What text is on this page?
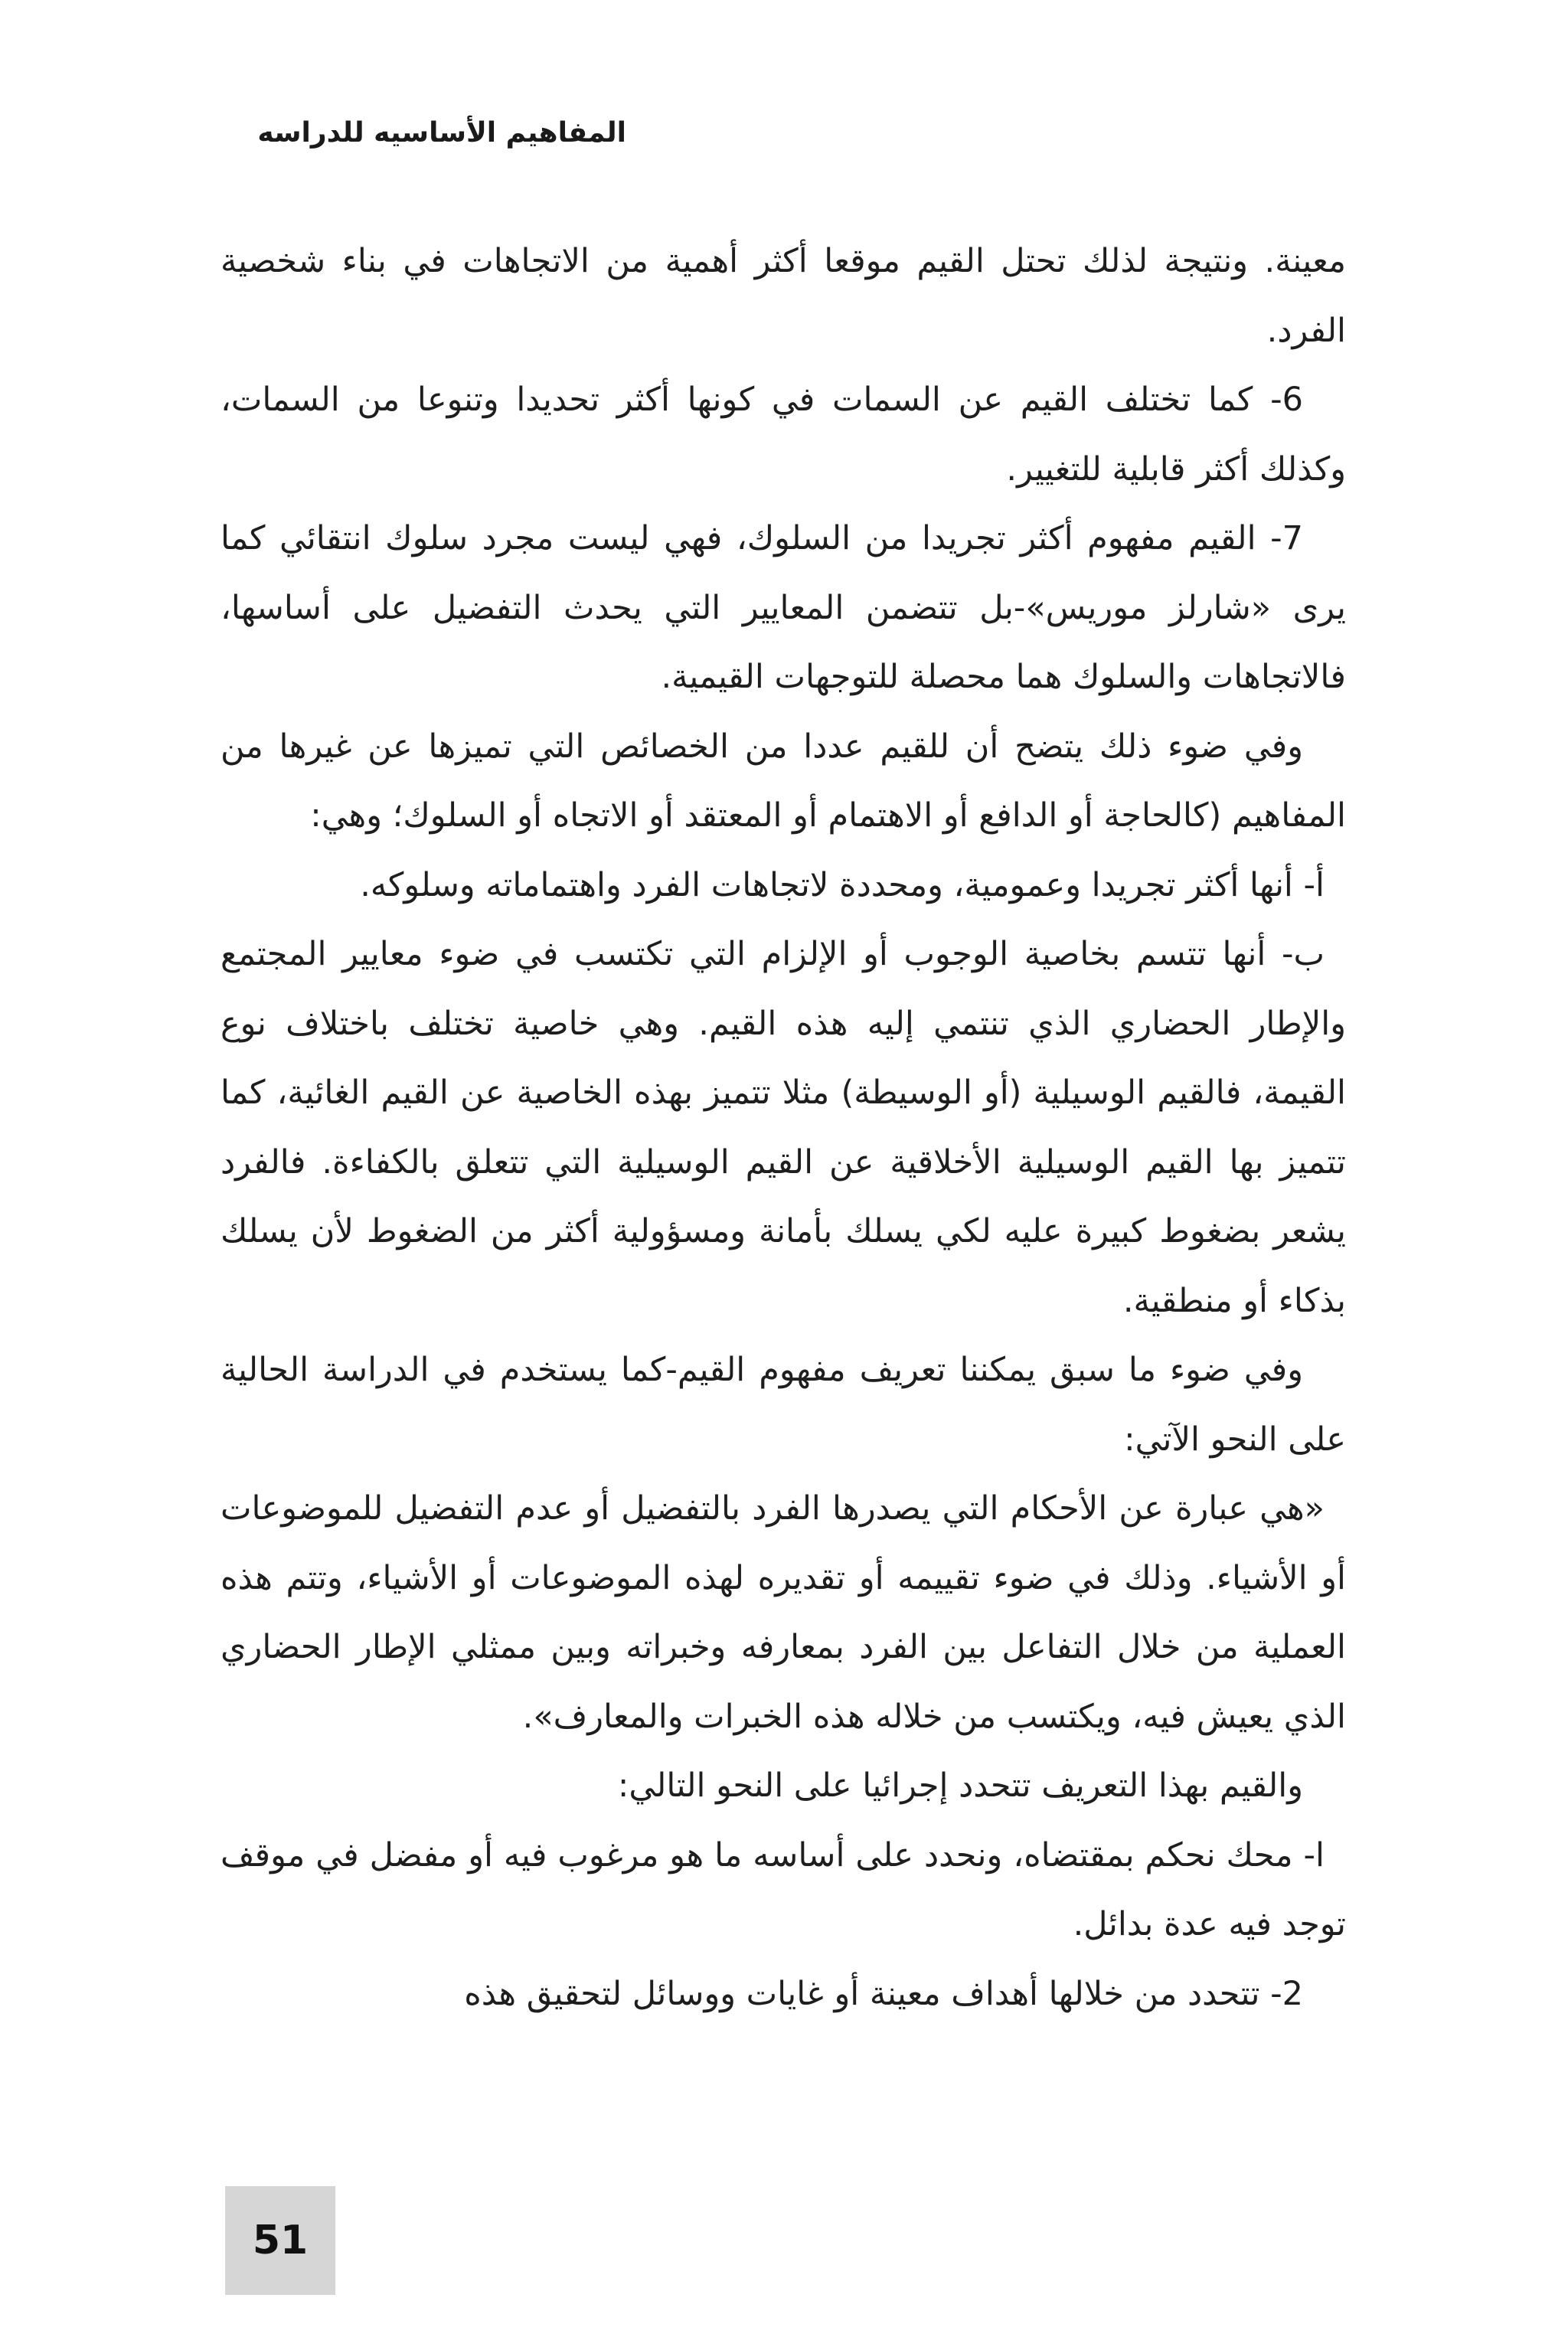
المفاهيم الأساسيه للدراسه

معينة. ونتيجة لذلك تحتل القيم موقعا أكثر أهمية من الاتجاهات في بناء شخصية الفرد.

6- كما تختلف القيم عن السمات في كونها أكثر تحديدا وتنوعا من السمات، وكذلك أكثر قابلية للتغيير.

7- القيم مفهوم أكثر تجريدا من السلوك، فهي ليست مجرد سلوك انتقائي كما يرى «شارلز موريس»-بل تتضمن المعايير التي يحدث التفضيل على أساسها، فالاتجاهات والسلوك هما محصلة للتوجهات القيمية.

وفي ضوء ذلك يتضح أن للقيم عددا من الخصائص التي تميزها عن غيرها من المفاهيم (كالحاجة أو الدافع أو الاهتمام أو المعتقد أو الاتجاه أو السلوك؛ وهي:

أ- أنها أكثر تجريدا وعمومية، ومحددة لاتجاهات الفرد واهتماماته وسلوكه.

ب- أنها تتسم بخاصية الوجوب أو الإلزام التي تكتسب في ضوء معايير المجتمع والإطار الحضاري الذي تنتمي إليه هذه القيم. وهي خاصية تختلف باختلاف نوع القيمة، فالقيم الوسيلية (أو الوسيطة) مثلا تتميز بهذه الخاصية عن القيم الغائية، كما تتميز بها القيم الوسيلية الأخلاقية عن القيم الوسيلية التي تتعلق بالكفاءة. فالفرد يشعر بضغوط كبيرة عليه لكي يسلك بأمانة ومسؤولية أكثر من الضغوط لأن يسلك بذكاء أو منطقية.

وفي ضوء ما سبق يمكننا تعريف مفهوم القيم-كما يستخدم في الدراسة الحالية على النحو الآتي:

«هي عبارة عن الأحكام التي يصدرها الفرد بالتفضيل أو عدم التفضيل للموضوعات أو الأشياء. وذلك في ضوء تقييمه أو تقديره لهذه الموضوعات أو الأشياء، وتتم هذه العملية من خلال التفاعل بين الفرد بمعارفه وخبراته وبين ممثلي الإطار الحضاري الذي يعيش فيه، ويكتسب من خلاله هذه الخبرات والمعارف».

والقيم بهذا التعريف تتحدد إجرائيا على النحو التالي:

ا- محك نحكم بمقتضاه، ونحدد على أساسه ما هو مرغوب فيه أو مفضل في موقف توجد فيه عدة بدائل.

2- تتحدد من خلالها أهداف معينة أو غايات ووسائل لتحقيق هذه

51
